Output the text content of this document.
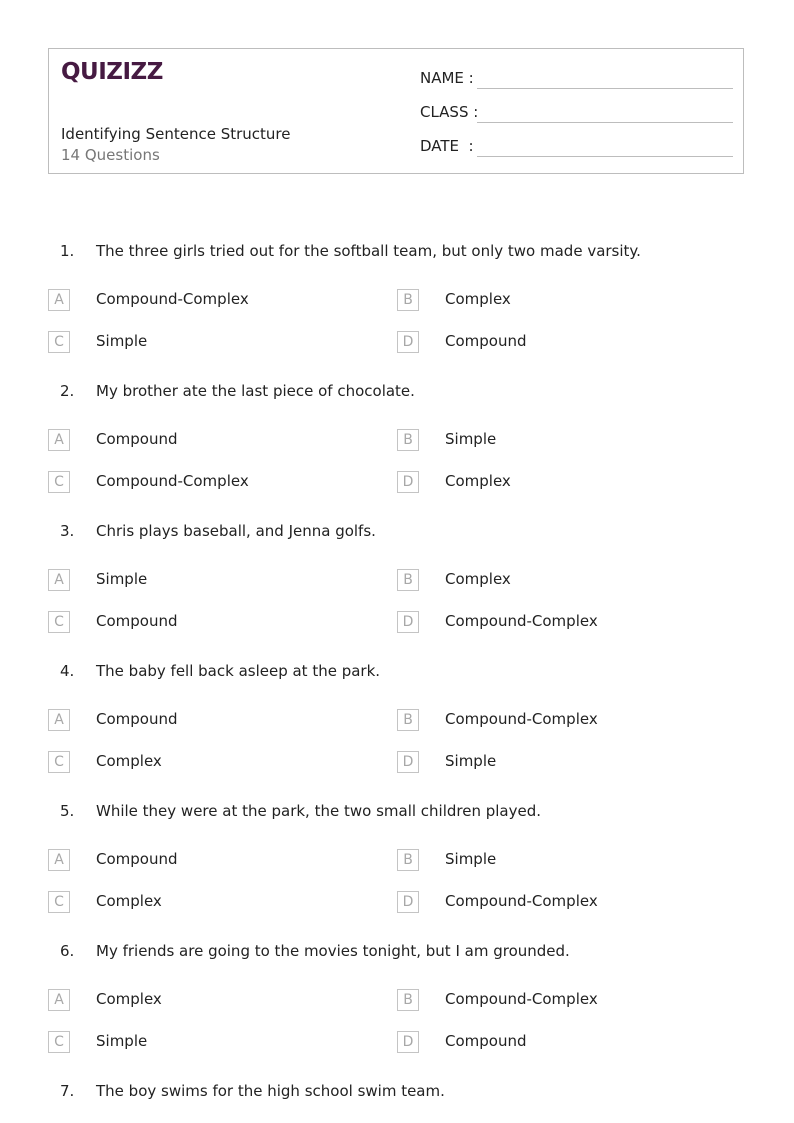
QUIZIZZ
Identifying Sentence Structure
14 Questions
NAME :
CLASS :
DATE  :
1. The three girls tried out for the softball team, but only two made varsity.
A	Compound-Complex	B	Complex
C	Simple	D	Compound
2. My brother ate the last piece of chocolate.
A	Compound	B	Simple
C	Compound-Complex	D	Complex
3. Chris plays baseball, and Jenna golfs.
A	Simple	B	Complex
C	Compound	D	Compound-Complex
4. The baby fell back asleep at the park.
A	Compound	B	Compound-Complex
C	Complex	D	Simple
5. While they were at the park, the two small children played.
A	Compound	B	Simple
C	Complex	D	Compound-Complex
6. My friends are going to the movies tonight, but I am grounded.
A	Complex	B	Compound-Complex
C	Simple	D	Compound
7. The boy swims for the high school swim team.
